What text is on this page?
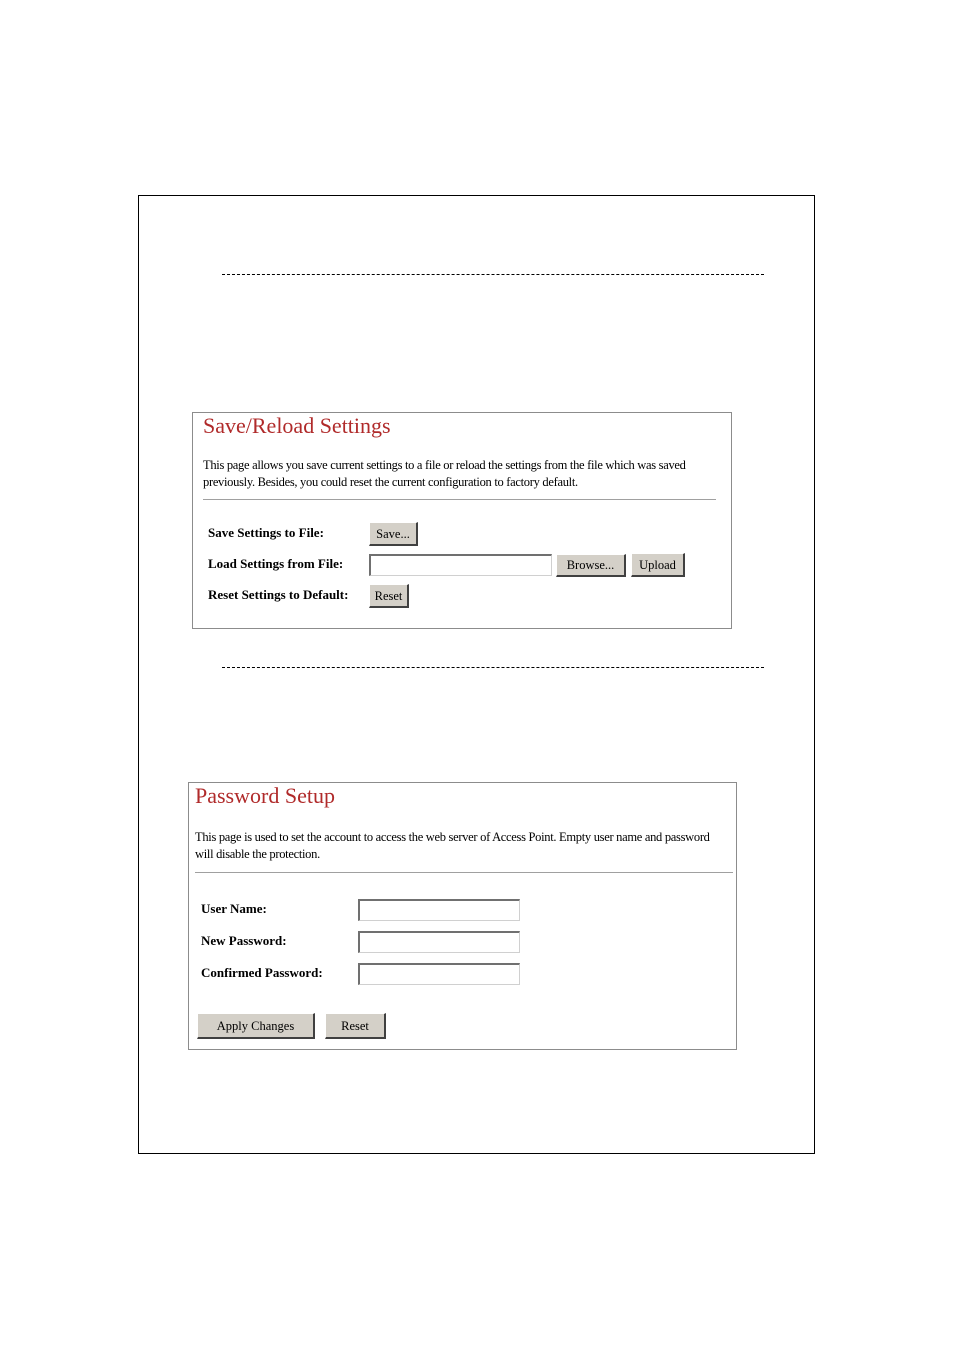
Save/Reload Settings
This page allows you save current settings to a file or reload the settings from the file which was saved previously. Besides, you could reset the current configuration to factory default.
Save Settings to File:	Save...
Load Settings from File:	Browse...	Upload
Reset Settings to Default:	Reset
Password Setup
This page is used to set the account to access the web server of Access Point. Empty user name and password will disable the protection.
User Name:
New Password:
Confirmed Password:
Apply Changes	Reset
